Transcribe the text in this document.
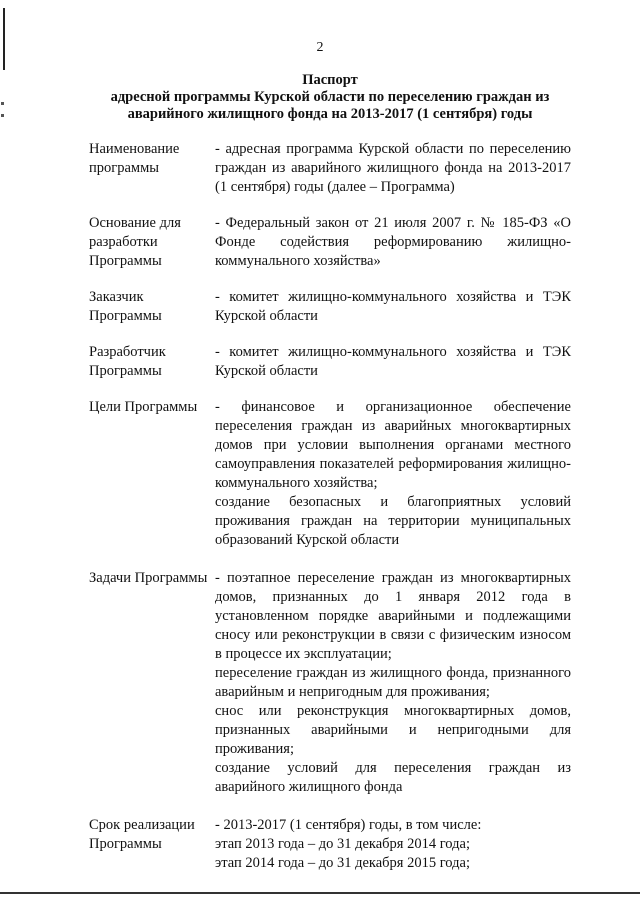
2
Паспорт
адресной программы Курской области по переселению граждан из
аварийного жилищного фонда на 2013-2017 (1 сентября) годы
Наименование программы

- адресная программа Курской области по переселению граждан из аварийного жилищного фонда на 2013-2017 (1 сентября) годы (далее – Программа)

Основание для разработки Программы

- Федеральный закон от 21 июля 2007 г. № 185-ФЗ «О Фонде содействия реформированию жилищно-коммунального хозяйства»

Заказчик Программы

- комитет жилищно-коммунального хозяйства и ТЭК Курской области

Разработчик Программы

- комитет жилищно-коммунального хозяйства и ТЭК Курской области

Цели Программы	- финансовое и организационное обеспечение переселения граждан из аварийных многоквартирных домов при условии выполнения органами местного самоуправления показателей реформирования жилищно-коммунального хозяйства;

создание безопасных и благоприятных условий проживания граждан на территории муниципальных образований Курской области

Задачи Программы - поэтапное переселение граждан из многоквартирных домов, признанных до 1 января 2012 года в установленном порядке аварийными и подлежащими сносу или реконструкции в связи с физическим износом в процессе их эксплуатации;

переселение граждан из жилищного фонда, признанного аварийным и непригодным для проживания;

снос или реконструкция многоквартирных домов, признанных аварийными и непригодными для проживания;

создание условий для переселения граждан из аварийного жилищного фонда

Срок реализации Программы

- 2013-2017 (1 сентября) годы, в том числе:

этап 2013 года – до 31 декабря 2014 года;

этап 2014 года – до 31 декабря 2015 года;
